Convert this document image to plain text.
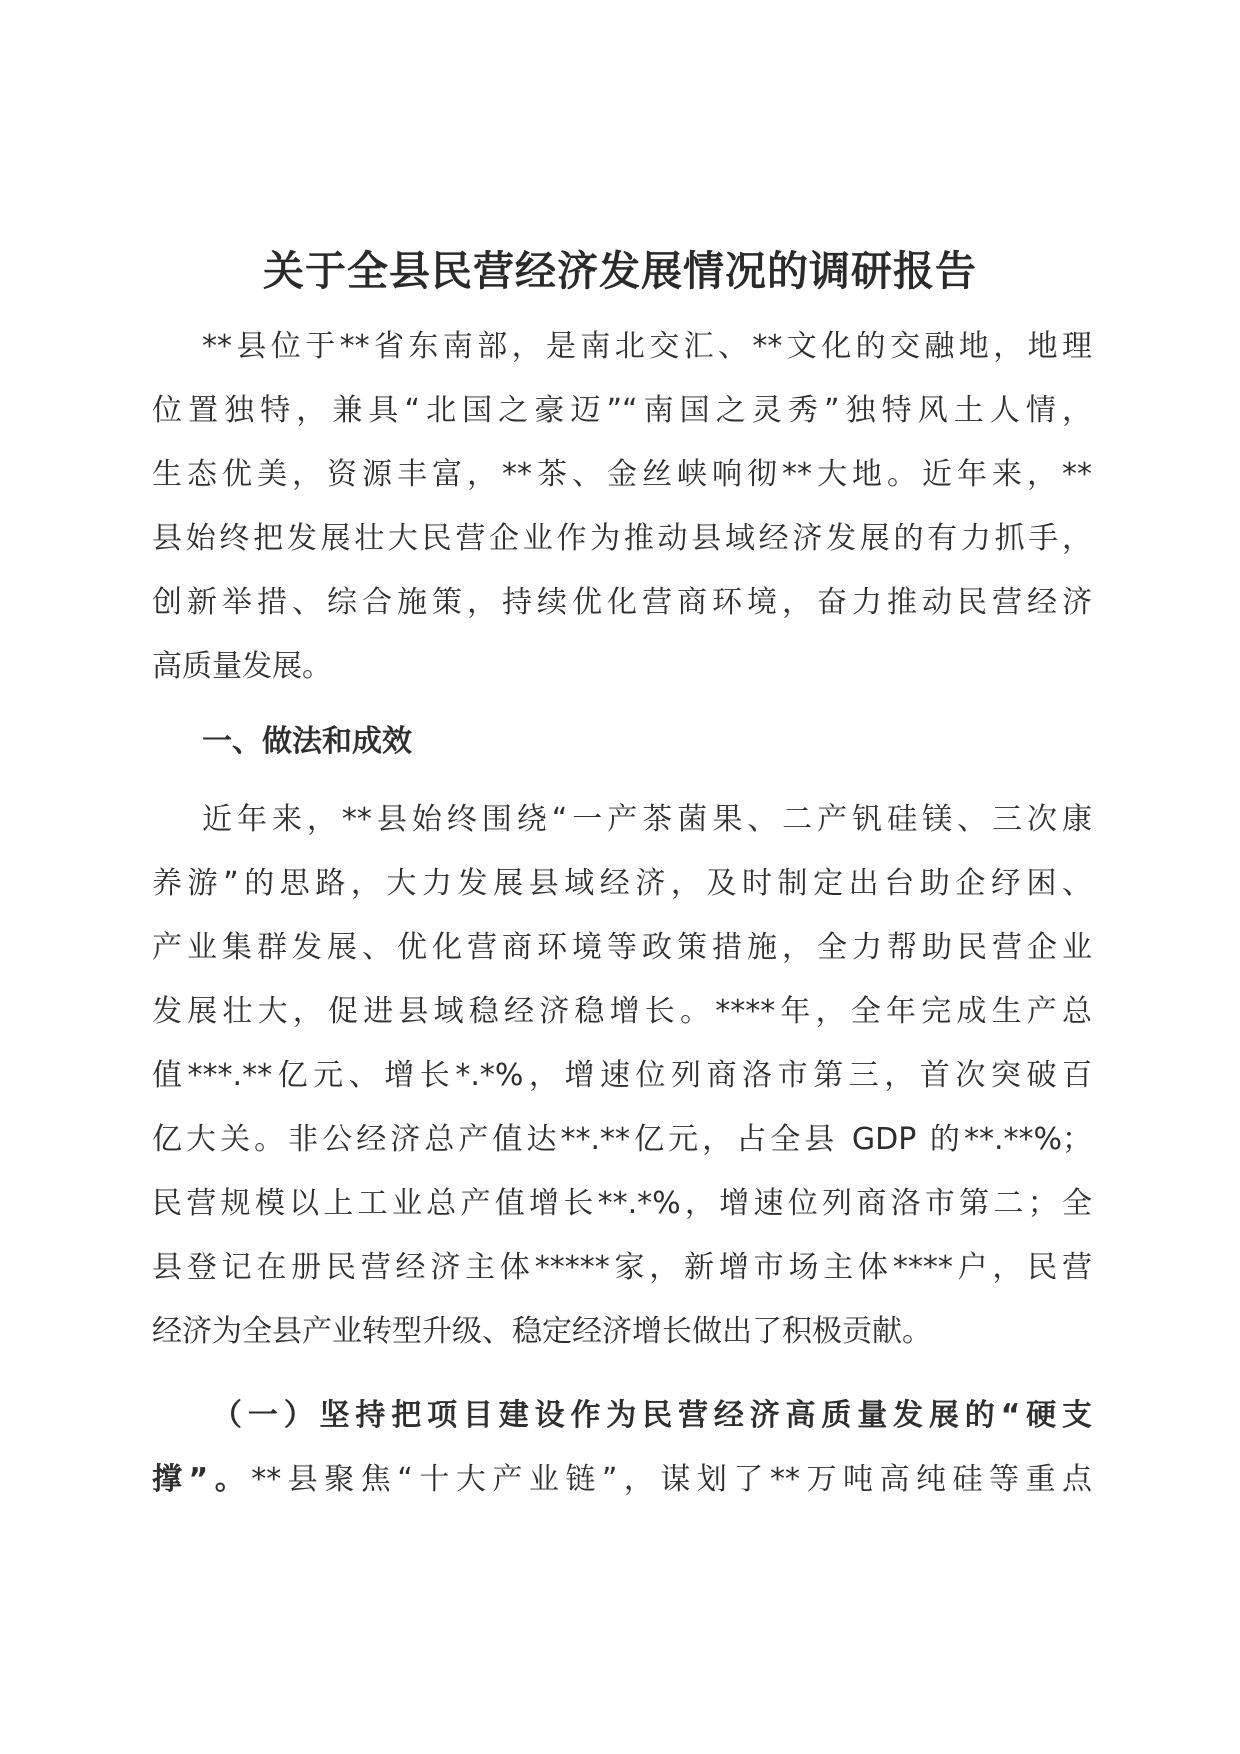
关于全县民营经济发展情况的调研报告
**县位于**省东南部，是南北交汇、**文化的交融地，地理
位置独特，兼具“北国之豪迈”“南国之灵秀”独特风土人情，
生态优美，资源丰富，**茶、金丝峡响彻**大地。近年来，**
县始终把发展壮大民营企业作为推动县域经济发展的有力抓手，
创新举措、综合施策，持续优化营商环境，奋力推动民营经济
高质量发展。
一、做法和成效
近年来，**县始终围绕“一产茶菌果、二产钒硅镁、三次康
养游”的思路，大力发展县域经济，及时制定出台助企纾困、
产业集群发展、优化营商环境等政策措施，全力帮助民营企业
发展壮大，促进县域稳经济稳增长。****年，全年完成生产总
值***.**亿元、增长*.*%，增速位列商洛市第三，首次突破百
亿大关。非公经济总产值达**.**亿元，占全县 GDP 的**.**%；
民营规模以上工业总产值增长**.*%，增速位列商洛市第二；全
县登记在册民营经济主体*****家，新增市场主体****户，民营
经济为全县产业转型升级、稳定经济增长做出了积极贡献。
（一）坚持把项目建设作为民营经济高质量发展的“硬支
撑”。**县聚焦“十大产业链”，谋划了**万吨高纯硅等重点
